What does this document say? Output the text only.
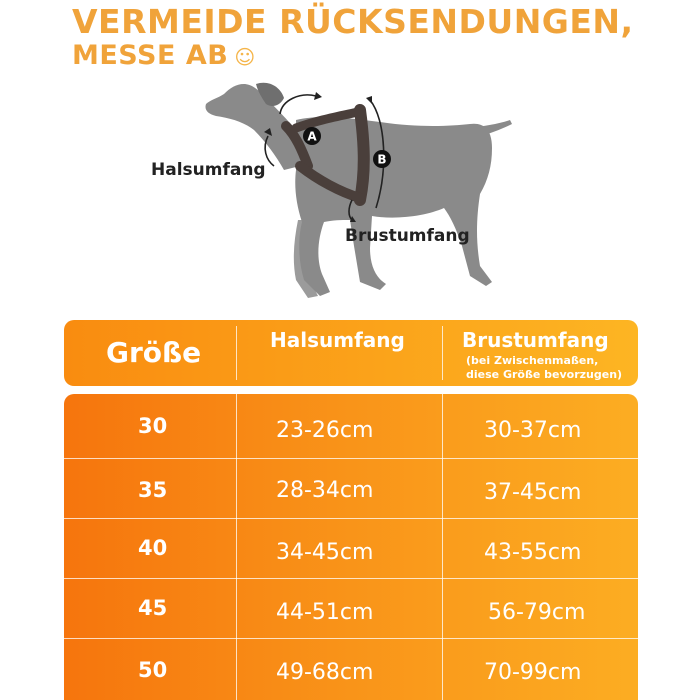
VERMEIDE RÜCKSENDUNGEN,
MESSE AB ☺
A
B
Halsumfang
Brustumfang
Größe	Halsumfang	Brustumfang
(bei Zwischenmaßen,
diese Größe bevorzugen)
30	23-26cm	30-37cm
35	28-34cm	37-45cm
40	34-45cm	43-55cm
45	44-51cm	56-79cm
50	49-68cm	70-99cm
